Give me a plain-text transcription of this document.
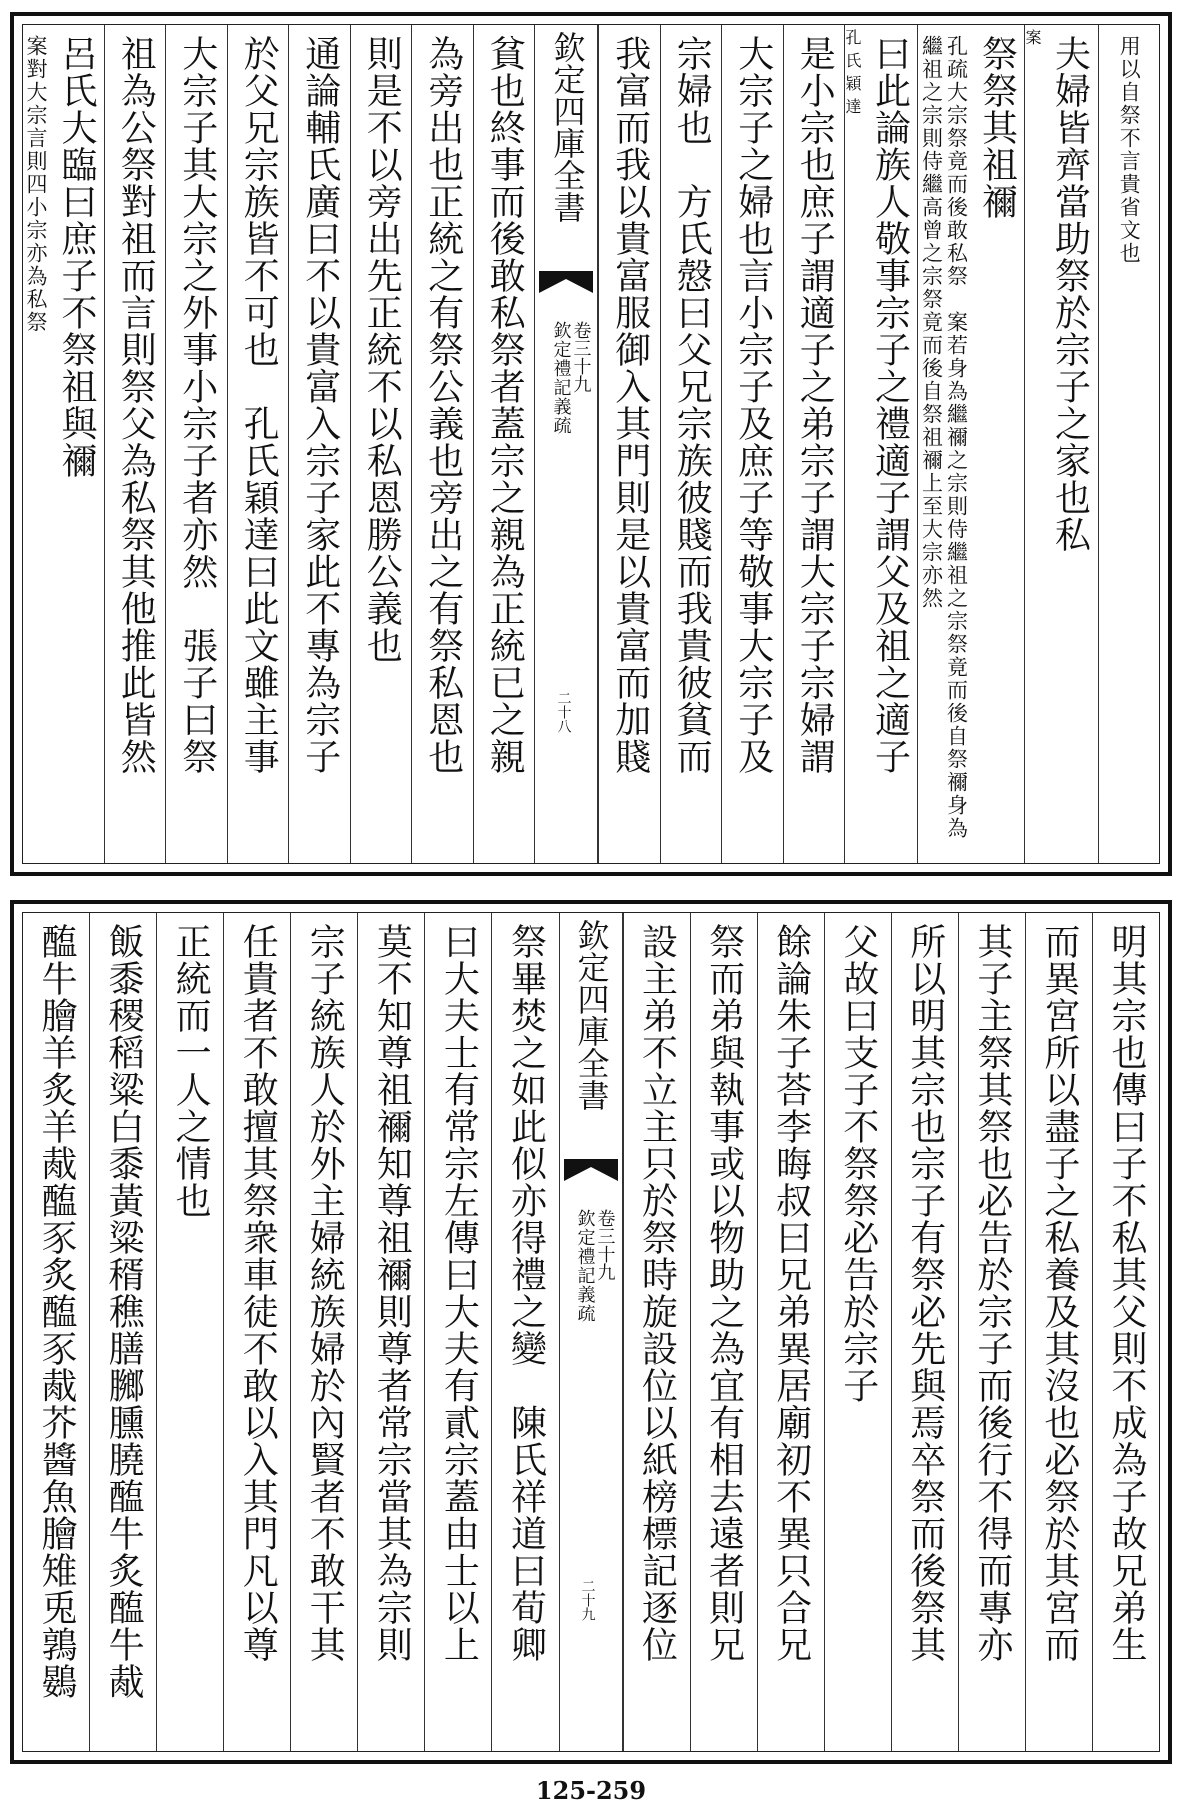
用以自祭不言貴省文也
夫婦皆齊當助祭於宗子之家也私
案
祭祭其祖禰
孔疏大宗祭竟而後敢私祭　案若身為繼禰之宗則侍繼祖之宗祭竟而後自祭禰身為繼祖之宗則侍繼高曾之宗祭竟而後自祭祖禰上至大宗亦然
曰此論族人敬事宗子之禮適子謂父及祖之適子
孔氏穎達
是小宗也庶子謂適子之弟宗子謂大宗子宗婦謂
大宗子之婦也言小宗子及庶子等敬事大宗子及
宗婦也　方氏慤曰父兄宗族彼賤而我貴彼貧而
我富而我以貴富服御入其門則是以貴富而加賤
欽定四庫全書
欽定禮記義疏 卷三十九
二十八
貧也終事而後敢私祭者蓋宗之親為正統已之親
為旁出也正統之有祭公義也旁出之有祭私恩也
則是不以旁出先正統不以私恩勝公義也
通論輔氏廣曰不以貴富入宗子家此不專為宗子
於父兄宗族皆不可也　孔氏穎達曰此文雖主事
大宗子其大宗之外事小宗子者亦然　張子曰祭
祖為公祭對祖而言則祭父為私祭其他推此皆然
呂氏大臨曰庶子不祭祖與禰
案對大宗言則四小宗亦為私祭
明其宗也傳曰子不私其父則不成為子故兄弟生
而異宮所以盡子之私養及其沒也必祭於其宮而
其子主祭其祭也必告於宗子而後行不得而專亦
所以明其宗也宗子有祭必先與焉卒祭而後祭其
父故曰支子不祭祭必告於宗子
餘論朱子荅李晦叔曰兄弟異居廟初不異只合兄
祭而弟與執事或以物助之為宜有相去遠者則兄
設主弟不立主只於祭時旋設位以紙榜標記逐位
欽定四庫全書
欽定禮記義疏 卷三十九
二十九
祭畢焚之如此似亦得禮之變　陳氏祥道曰荀卿
曰大夫士有常宗左傳曰大夫有貳宗蓋由士以上
莫不知尊祖禰知尊祖禰則尊者常宗當其為宗則
宗子統族人於外主婦統族婦於內賢者不敢干其
任貴者不敢擅其祭衆車徒不敢以入其門凡以尊
正統而一人之情也
飯黍稷稻粱白黍黃粱稰穛膳膷臐膮醢牛炙醢牛胾
醢牛膾羊炙羊胾醢豕炙醢豕胾芥醬魚膾雉兎鶉鷃
125-259
